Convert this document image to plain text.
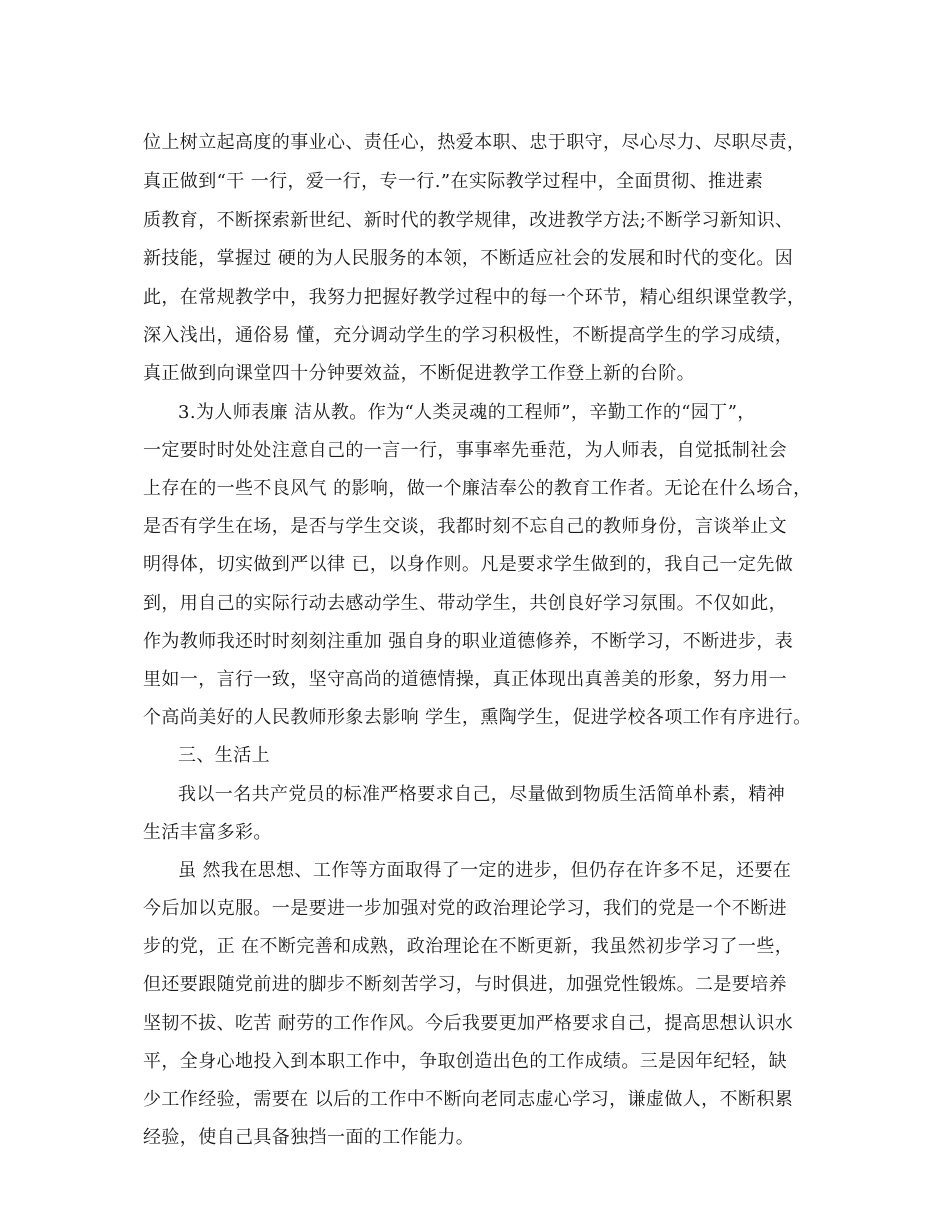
位上树立起高度的事业心、责任心，热爱本职、忠于职守，尽心尽力、尽职尽责，
真正做到“干 一行，爱一行，专一行.”在实际教学过程中，全面贯彻、推进素
质教育，不断探索新世纪、新时代的教学规律，改进教学方法;不断学习新知识、
新技能，掌握过 硬的为人民服务的本领，不断适应社会的发展和时代的变化。因
此，在常规教学中，我努力把握好教学过程中的每一个环节，精心组织课堂教学，
深入浅出，通俗易 懂，充分调动学生的学习积极性，不断提高学生的学习成绩，
真正做到向课堂四十分钟要效益，不断促进教学工作登上新的台阶。
3.为人师表廉 洁从教。作为“人类灵魂的工程师”，辛勤工作的“园丁”，
一定要时时处处注意自己的一言一行，事事率先垂范，为人师表，自觉抵制社会
上存在的一些不良风气 的影响，做一个廉洁奉公的教育工作者。无论在什么场合，
是否有学生在场，是否与学生交谈，我都时刻不忘自己的教师身份，言谈举止文
明得体，切实做到严以律 已，以身作则。凡是要求学生做到的，我自己一定先做
到，用自己的实际行动去感动学生、带动学生，共创良好学习氛围。不仅如此，
作为教师我还时时刻刻注重加 强自身的职业道德修养，不断学习，不断进步，表
里如一，言行一致，坚守高尚的道德情操，真正体现出真善美的形象，努力用一
个高尚美好的人民教师形象去影响 学生，熏陶学生，促进学校各项工作有序进行。
三、生活上
我以一名共产党员的标准严格要求自己，尽量做到物质生活简单朴素，精神
生活丰富多彩。
虽 然我在思想、工作等方面取得了一定的进步，但仍存在许多不足，还要在
今后加以克服。一是要进一步加强对党的政治理论学习，我们的党是一个不断进
步的党，正 在不断完善和成熟，政治理论在不断更新，我虽然初步学习了一些，
但还要跟随党前进的脚步不断刻苦学习，与时俱进，加强党性锻炼。二是要培养
坚韧不拔、吃苦 耐劳的工作作风。今后我要更加严格要求自己，提高思想认识水
平，全身心地投入到本职工作中，争取创造出色的工作成绩。三是因年纪轻，缺
少工作经验，需要在 以后的工作中不断向老同志虚心学习，谦虚做人，不断积累
经验，使自己具备独挡一面的工作能力。
